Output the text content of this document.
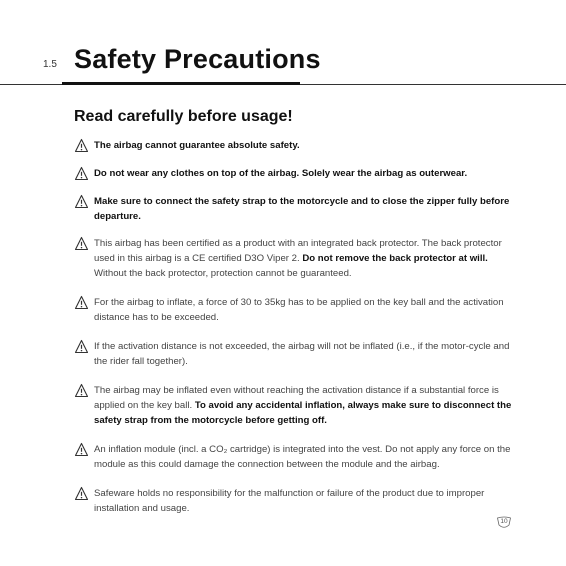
1.5 Safety Precautions
Read carefully before usage!
The airbag cannot guarantee absolute safety.
Do not wear any clothes on top of the airbag. Solely wear the airbag as outerwear.
Make sure to connect the safety strap to the motorcycle and to close the zipper fully before departure.
This airbag has been certified as a product with an integrated back protector. The back protector used in this airbag is a CE certified D3O Viper 2. Do not remove the back protector at will. Without the back protector, protection cannot be guaranteed.
For the airbag to inflate, a force of 30 to 35kg has to be applied on the key ball and the activation distance has to be exceeded.
If the activation distance is not exceeded, the airbag will not be inflated (i.e., if the motor-cycle and the rider fall together).
The airbag may be inflated even without reaching the activation distance if a substantial force is applied on the key ball. To avoid any accidental inflation, always make sure to disconnect the safety strap from the motorcycle before getting off.
An inflation module (incl. a CO₂ cartridge) is integrated into the vest. Do not apply any force on the module as this could damage the connection between the module and the airbag.
Safeware holds no responsibility for the malfunction or failure of the product due to improper installation and usage.
10
